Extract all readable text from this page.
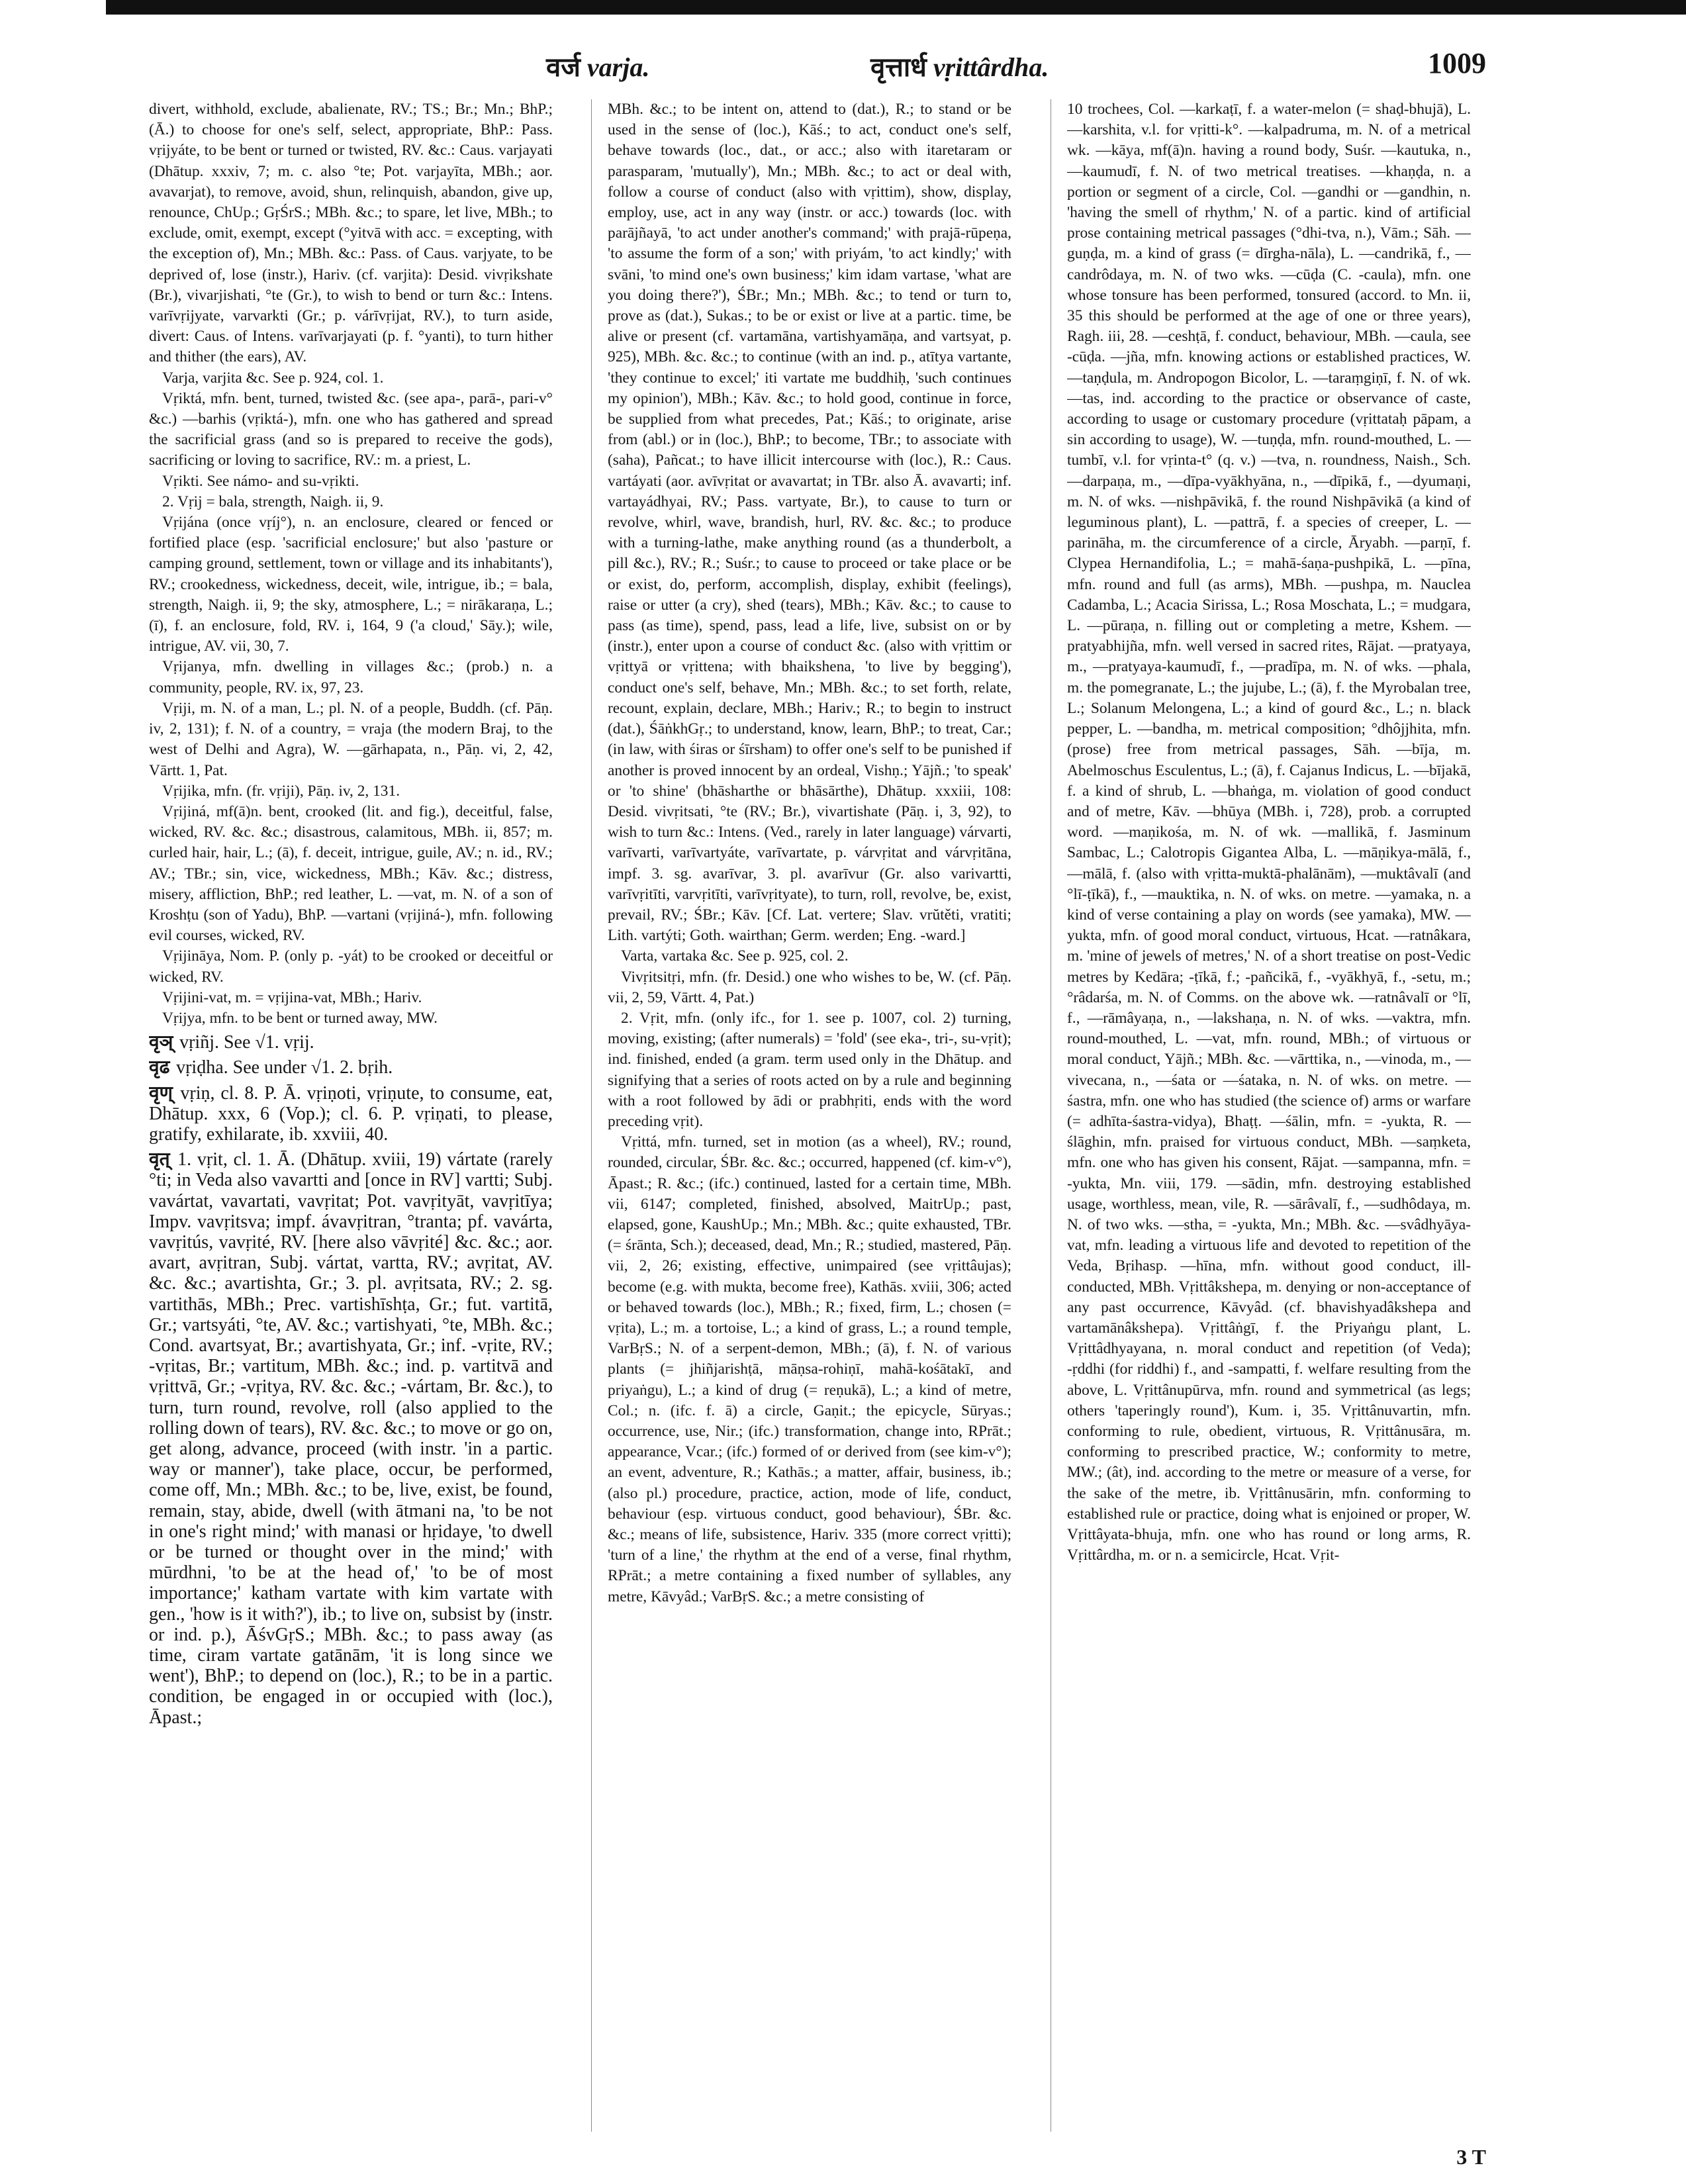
वर्ज varja.	वृत्तार्ध vṛittârdha.	1009

divert, withhold, exclude, abalienate, RV.; TS.; Br.; Mn.; BhP.; (Ā.) to choose for one's self, select, appropriate, BhP.: Pass. vṛijyáte, to be bent or turned or twisted, RV. &c.: Caus. varjayati (Dhātup. xxxiv, 7; m. c. also °te; Pot. varjayīta, MBh.; aor. avavarjat), to remove, avoid, shun, relinquish, abandon, give up, renounce, ChUp.; GṛŚrS.; MBh. &c.; to spare, let live, MBh.; to exclude, omit, exempt, except (°yitvā with acc. = excepting, with the exception of), Mn.; MBh. &c.: Pass. of Caus. varjyate, to be deprived of, lose (instr.), Hariv. (cf. varjita): Desid. vivṛikshate (Br.), vivarjishati, °te (Gr.), to wish to bend or turn &c.: Intens. varīvṛijyate, varvarkti (Gr.; p. várīvṛijat, RV.), to turn aside, divert: Caus. of Intens. varīvarjayati (p. f. °yanti), to turn hither and thither (the ears), AV.

Varja, varjita &c. See p. 924, col. 1.

Vṛiktá, mfn. bent, turned, twisted &c. (see apa-, parā-, pari-v° &c.) —barhis (vṛiktá-), mfn. one who has gathered and spread the sacrificial grass (and so is prepared to receive the gods), sacrificing or loving to sacrifice, RV.: m. a priest, L.

Vṛikti. See námo- and su-vṛikti.

2. Vṛij = bala, strength, Naigh. ii, 9.

Vṛijána (once vṛíj°), n. an enclosure, cleared or fenced or fortified place (esp. 'sacrificial enclosure;' but also 'pasture or camping ground, settlement, town or village and its inhabitants'), RV.; crookedness, wickedness, deceit, wile, intrigue, ib.; = bala, strength, Naigh. ii, 9; the sky, atmosphere, L.; = nirākaraṇa, L.; (ī), f. an enclosure, fold, RV. i, 164, 9 ('a cloud,' Sāy.); wile, intrigue, AV. vii, 30, 7.

Vṛijanya, mfn. dwelling in villages &c.; (prob.) n. a community, people, RV. ix, 97, 23.

Vṛiji, m. N. of a man, L.; pl. N. of a people, Buddh. (cf. Pāṇ. iv, 2, 131); f. N. of a country, = vraja (the modern Braj, to the west of Delhi and Agra), W. —gārhapata, n., Pāṇ. vi, 2, 42, Vārtt. 1, Pat.

Vṛijika, mfn. (fr. vṛiji), Pāṇ. iv, 2, 131.

Vṛijiná, mf(ā)n. bent, crooked (lit. and fig.), deceitful, false, wicked, RV. &c. &c.; disastrous, calamitous, MBh. ii, 857; m. curled hair, hair, L.; (ā), f. deceit, intrigue, guile, AV.; n. id., RV.; AV.; TBr.; sin, vice, wickedness, MBh.; Kāv. &c.; distress, misery, affliction, BhP.; red leather, L. —vat, m. N. of a son of Kroshṭu (son of Yadu), BhP. —vartani (vṛijiná-), mfn. following evil courses, wicked, RV.

Vṛijināya, Nom. P. (only p. -yát) to be crooked or deceitful or wicked, RV.

Vṛijini-vat, m. = vṛijina-vat, MBh.; Hariv.

Vṛijya, mfn. to be bent or turned away, MW.

वृञ् vṛiñj. See √1. vṛij.

वृढ vṛiḍha. See under √1. 2. bṛih.

वृण् vṛiṇ, cl. 8. P. Ā. vṛiṇoti, vṛiṇute, to consume, eat, Dhātup. xxx, 6 (Vop.); cl. 6. P. vṛiṇati, to please, gratify, exhilarate, ib. xxviii, 40.

वृत् 1. vṛit, cl. 1. Ā. (Dhātup. xviii, 19) vártate (rarely °ti; in Veda also vavartti and [once in RV] vartti; Subj. vavártat, vavartati, vavṛitat; Pot. vavṛityāt, vavṛitīya; Impv. vavṛitsva; impf. ávavṛitran, °tranta; pf. vavárta, vavṛitús, vavṛité, RV. [here also vāvṛité] &c. &c.; aor. avart, avṛitran, Subj. vártat, vartta, RV.; avṛitat, AV. &c. &c.; avartishta, Gr.; 3. pl. avṛitsata, RV.; 2. sg. vartithās, MBh.; Prec. vartishīshṭa, Gr.; fut. vartitā, Gr.; vartsyáti, °te, AV. &c.; vartishyati, °te, MBh. &c.; Cond. avartsyat, Br.; avartishyata, Gr.; inf. -vṛite, RV.; -vṛitas, Br.; vartitum, MBh. &c.; ind. p. vartitvā and vṛittvā, Gr.; -vṛitya, RV. &c. &c.; -vártam, Br. &c.), to turn, turn round, revolve, roll (also applied to the rolling down of tears), RV. &c. &c.; to move or go on, get along, advance, proceed (with instr. 'in a partic. way or manner'), take place, occur, be performed, come off, Mn.; MBh. &c.; to be, live, exist, be found, remain, stay, abide, dwell (with ātmani na, 'to be not in one's right mind;' with manasi or hṛidaye, 'to dwell or be turned or thought over in the mind;' with mūrdhni, 'to be at the head of,' 'to be of most importance;' katham vartate with kim vartate with gen., 'how is it with?'), ib.; to live on, subsist by (instr. or ind. p.), ĀśvGṛS.; MBh. &c.; to pass away (as time, ciram vartate gatānām, 'it is long since we went'), BhP.; to depend on (loc.), R.; to be in a partic. condition, be engaged in or occupied with (loc.), Āpast.;

MBh. &c.; to be intent on, attend to (dat.), R.; to stand or be used in the sense of (loc.), Kāś.; to act, conduct one's self, behave towards (loc., dat., or acc.; also with itaretaram or parasparam, 'mutually'), Mn.; MBh. &c.; to act or deal with, follow a course of conduct (also with vṛittim), show, display, employ, use, act in any way (instr. or acc.) towards (loc. with parājñayā, 'to act under another's command;' with prajā-rūpeṇa, 'to assume the form of a son;' with priyám, 'to act kindly;' with svāni, 'to mind one's own business;' kim idam vartase, 'what are you doing there?'), ŚBr.; Mn.; MBh. &c.; to tend or turn to, prove as (dat.), Sukas.; to be or exist or live at a partic. time, be alive or present (cf. vartamāna, vartishyamāṇa, and vartsyat, p. 925), MBh. &c. &c.; to continue (with an ind. p., atītya vartante, 'they continue to excel;' iti vartate me buddhiḥ, 'such continues my opinion'), MBh.; Kāv. &c.; to hold good, continue in force, be supplied from what precedes, Pat.; Kāś.; to originate, arise from (abl.) or in (loc.), BhP.; to become, TBr.; to associate with (saha), Pañcat.; to have illicit intercourse with (loc.), R.: Caus. vartáyati (aor. avīvṛitat or avavartat; in TBr. also Ā. avavarti; inf. vartayádhyai, RV.; Pass. vartyate, Br.), to cause to turn or revolve, whirl, wave, brandish, hurl, RV. &c. &c.; to produce with a turning-lathe, make anything round (as a thunderbolt, a pill &c.), RV.; R.; Suśr.; to cause to proceed or take place or be or exist, do, perform, accomplish, display, exhibit (feelings), raise or utter (a cry), shed (tears), MBh.; Kāv. &c.; to cause to pass (as time), spend, pass, lead a life, live, subsist on or by (instr.), enter upon a course of conduct &c. (also with vṛittim or vṛittyā or vṛittena; with bhaikshena, 'to live by begging'), conduct one's self, behave, Mn.; MBh. &c.; to set forth, relate, recount, explain, declare, MBh.; Hariv.; R.; to begin to instruct (dat.), ŚāṅkhGṛ.; to understand, know, learn, BhP.; to treat, Car.; (in law, with śiras or śīrsham) to offer one's self to be punished if another is proved innocent by an ordeal, Vishṇ.; Yājñ.; 'to speak' or 'to shine' (bhāsharthe or bhāsārthe), Dhātup. xxxiii, 108: Desid. vivṛitsati, °te (RV.; Br.), vivartishate (Pāṇ. i, 3, 92), to wish to turn &c.: Intens. (Ved., rarely in later language) várvarti, varīvarti, varīvartyáte, varīvartate, p. várvṛitat and várvṛitāna, impf. 3. sg. avarīvar, 3. pl. avarīvur (Gr. also varivartti, varīvṛitīti, varvṛitīti, varīvṛityate), to turn, roll, revolve, be, exist, prevail, RV.; ŚBr.; Kāv. [Cf. Lat. vertere; Slav. vrŭtěti, vratiti; Lith. vartýti; Goth. wairthan; Germ. werden; Eng. -ward.]

Varta, vartaka &c. See p. 925, col. 2.

Vivṛitsitṛi, mfn. (fr. Desid.) one who wishes to be, W. (cf. Pāṇ. vii, 2, 59, Vārtt. 4, Pat.)

2. Vṛit, mfn. (only ifc., for 1. see p. 1007, col. 2) turning, moving, existing; (after numerals) = 'fold' (see eka-, tri-, su-vṛit); ind. finished, ended (a gram. term used only in the Dhātup. and signifying that a series of roots acted on by a rule and beginning with a root followed by ādi or prabhṛiti, ends with the word preceding vṛit).

Vṛittá, mfn. turned, set in motion (as a wheel), RV.; round, rounded, circular, ŚBr. &c. &c.; occurred, happened (cf. kim-v°), Āpast.; R. &c.; (ifc.) continued, lasted for a certain time, MBh. vii, 6147; completed, finished, absolved, MaitrUp.; past, elapsed, gone, KaushUp.; Mn.; MBh. &c.; quite exhausted, TBr. (= śrānta, Sch.); deceased, dead, Mn.; R.; studied, mastered, Pāṇ. vii, 2, 26; existing, effective, unimpaired (see vṛittâujas); become (e.g. with mukta, become free), Kathās. xviii, 306; acted or behaved towards (loc.), MBh.; R.; fixed, firm, L.; chosen (= vṛita), L.; m. a tortoise, L.; a kind of grass, L.; a round temple, VarBṛS.; N. of a serpent-demon, MBh.; (ā), f. N. of various plants (= jhiñjarishṭā, māṇsa-rohiṇī, mahā-kośātakī, and priyaṅgu), L.; a kind of drug (= reṇukā), L.; a kind of metre, Col.; n. (ifc. f. ā) a circle, Gaṇit.; the epicycle, Sūryas.; occurrence, use, Nir.; (ifc.) transformation, change into, RPrāt.; appearance, Vcar.; (ifc.) formed of or derived from (see kim-v°); an event, adventure, R.; Kathās.; a matter, affair, business, ib.; (also pl.) procedure, practice, action, mode of life, conduct, behaviour (esp. virtuous conduct, good behaviour), ŚBr. &c. &c.; means of life, subsistence, Hariv. 335 (more correct vṛitti); 'turn of a line,' the rhythm at the end of a verse, final rhythm, RPrāt.; a metre containing a fixed number of syllables, any metre, Kāvyâd.; VarBṛS. &c.; a metre consisting of

10 trochees, Col. —karkaṭī, f. a water-melon (= shaḍ-bhujā), L. —karshita, v.l. for vṛitti-k°. —kalpadruma, m. N. of a metrical wk. —kāya, mf(ā)n. having a round body, Suśr. —kautuka, n., —kaumudī, f. N. of two metrical treatises. —khaṇḍa, n. a portion or segment of a circle, Col. —gandhi or —gandhin, n. 'having the smell of rhythm,' N. of a partic. kind of artificial prose containing metrical passages (°dhi-tva, n.), Vām.; Sāh. —guṇḍa, m. a kind of grass (= dīrgha-nāla), L. —candrikā, f., —candrôdaya, m. N. of two wks. —cūḍa (C. -caula), mfn. one whose tonsure has been performed, tonsured (accord. to Mn. ii, 35 this should be performed at the age of one or three years), Ragh. iii, 28. —ceshṭā, f. conduct, behaviour, MBh. —caula, see -cūḍa. —jña, mfn. knowing actions or established practices, W. —taṇḍula, m. Andropogon Bicolor, L. —taraṃgiṇī, f. N. of wk. —tas, ind. according to the practice or observance of caste, according to usage or customary procedure (vṛittataḥ pāpam, a sin according to usage), W. —tuṇḍa, mfn. round-mouthed, L. —tumbī, v.l. for vṛinta-t° (q. v.) —tva, n. roundness, Naish., Sch. —darpaṇa, m., —dīpa-vyākhyāna, n., —dīpikā, f., —dyumaṇi, m. N. of wks. —nishpāvikā, f. the round Nishpāvikā (a kind of leguminous plant), L. —pattrā, f. a species of creeper, L. —parināha, m. the circumference of a circle, Āryabh. —parṇī, f. Clypea Hernandifolia, L.; = mahā-śaṇa-pushpikā, L. —pīna, mfn. round and full (as arms), MBh. —pushpa, m. Nauclea Cadamba, L.; Acacia Sirissa, L.; Rosa Moschata, L.; = mudgara, L. —pūraṇa, n. filling out or completing a metre, Kshem. —pratyabhijña, mfn. well versed in sacred rites, Rājat. —pratyaya, m., —pratyaya-kaumudī, f., —pradīpa, m. N. of wks. —phala, m. the pomegranate, L.; the jujube, L.; (ā), f. the Myrobalan tree, L.; Solanum Melongena, L.; a kind of gourd &c., L.; n. black pepper, L. —bandha, m. metrical composition; °dhôjjhita, mfn. (prose) free from metrical passages, Sāh. —bīja, m. Abelmoschus Esculentus, L.; (ā), f. Cajanus Indicus, L. —bījakā, f. a kind of shrub, L. —bhaṅga, m. violation of good conduct and of metre, Kāv. —bhūya (MBh. i, 728), prob. a corrupted word. —maṇikośa, m. N. of wk. —mallikā, f. Jasminum Sambac, L.; Calotropis Gigantea Alba, L. —māṇikya-mālā, f., —mālā, f. (also with vṛitta-muktā-phalānām), —muktâvalī (and °lī-ṭīkā), f., —mauktika, n. N. of wks. on metre. —yamaka, n. a kind of verse containing a play on words (see yamaka), MW. —yukta, mfn. of good moral conduct, virtuous, Hcat. —ratnâkara, m. 'mine of jewels of metres,' N. of a short treatise on post-Vedic metres by Kedāra; -ṭīkā, f.; -pañcikā, f., -vyākhyā, f., -setu, m.; °râdarśa, m. N. of Comms. on the above wk. —ratnâvalī or °lī, f., —rāmâyaṇa, n., —lakshaṇa, n. N. of wks. —vaktra, mfn. round-mouthed, L. —vat, mfn. round, MBh.; of virtuous or moral conduct, Yājñ.; MBh. &c. —vārttika, n., —vinoda, m., —vivecana, n., —śata or —śataka, n. N. of wks. on metre. —śastra, mfn. one who has studied (the science of) arms or warfare (= adhīta-śastra-vidya), Bhaṭṭ. —śālin, mfn. = -yukta, R. —ślāghin, mfn. praised for virtuous conduct, MBh. —saṃketa, mfn. one who has given his consent, Rājat. —sampanna, mfn. = -yukta, Mn. viii, 179. —sādin, mfn. destroying established usage, worthless, mean, vile, R. —sārâvalī, f., —sudhôdaya, m. N. of two wks. —stha, = -yukta, Mn.; MBh. &c. —svâdhyāya-vat, mfn. leading a virtuous life and devoted to repetition of the Veda, Bṛihasp. —hīna, mfn. without good conduct, ill-conducted, MBh. Vṛittâkshepa, m. denying or non-acceptance of any past occurrence, Kāvyâd. (cf. bhavishyadâkshepa and vartamānâkshepa). Vṛittâṅgī, f. the Priyaṅgu plant, L. Vṛittâdhyayana, n. moral conduct and repetition (of Veda); -ṛddhi (for riddhi) f., and -sampatti, f. welfare resulting from the above, L. Vṛittânupūrva, mfn. round and symmetrical (as legs; others 'taperingly round'), Kum. i, 35. Vṛittânuvartin, mfn. conforming to rule, obedient, virtuous, R. Vṛittânusāra, m. conforming to prescribed practice, W.; conformity to metre, MW.; (ât), ind. according to the metre or measure of a verse, for the sake of the metre, ib. Vṛittânusārin, mfn. conforming to established rule or practice, doing what is enjoined or proper, W. Vṛittâyata-bhuja, mfn. one who has round or long arms, R. Vṛittârdha, m. or n. a semicircle, Hcat. Vṛit-

3 T
